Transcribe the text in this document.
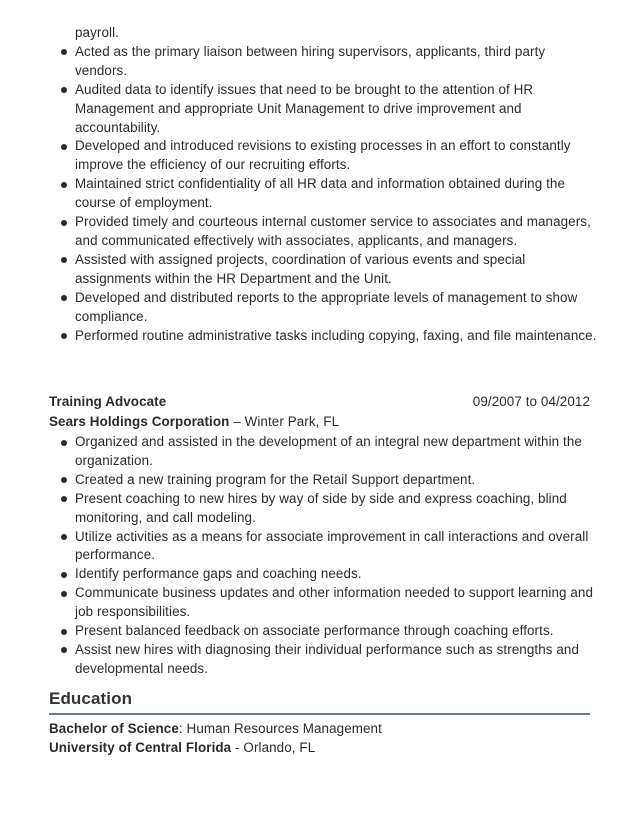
payroll.

Acted as the primary liaison between hiring supervisors, applicants, third party vendors.
Audited data to identify issues that need to be brought to the attention of HR Management and appropriate Unit Management to drive improvement and accountability.
Developed and introduced revisions to existing processes in an effort to constantly improve the efficiency of our recruiting efforts.
Maintained strict confidentiality of all HR data and information obtained during the course of employment.
Provided timely and courteous internal customer service to associates and managers, and communicated effectively with associates, applicants, and managers.
Assisted with assigned projects, coordination of various events and special assignments within the HR Department and the Unit.
Developed and distributed reports to the appropriate levels of management to show compliance.
Performed routine administrative tasks including copying, faxing, and file maintenance.
Training Advocate	09/2007 to 04/2012
Sears Holdings Corporation – Winter Park, FL
Organized and assisted in the development of an integral new department within the organization.
Created a new training program for the Retail Support department.
Present coaching to new hires by way of side by side and express coaching, blind monitoring, and call modeling.
Utilize activities as a means for associate improvement in call interactions and overall performance.
Identify performance gaps and coaching needs.
Communicate business updates and other information needed to support learning and job responsibilities.
Present balanced feedback on associate performance through coaching efforts.
Assist new hires with diagnosing their individual performance such as strengths and developmental needs.
Education
Bachelor of Science: Human Resources Management
University of Central Florida - Orlando, FL
